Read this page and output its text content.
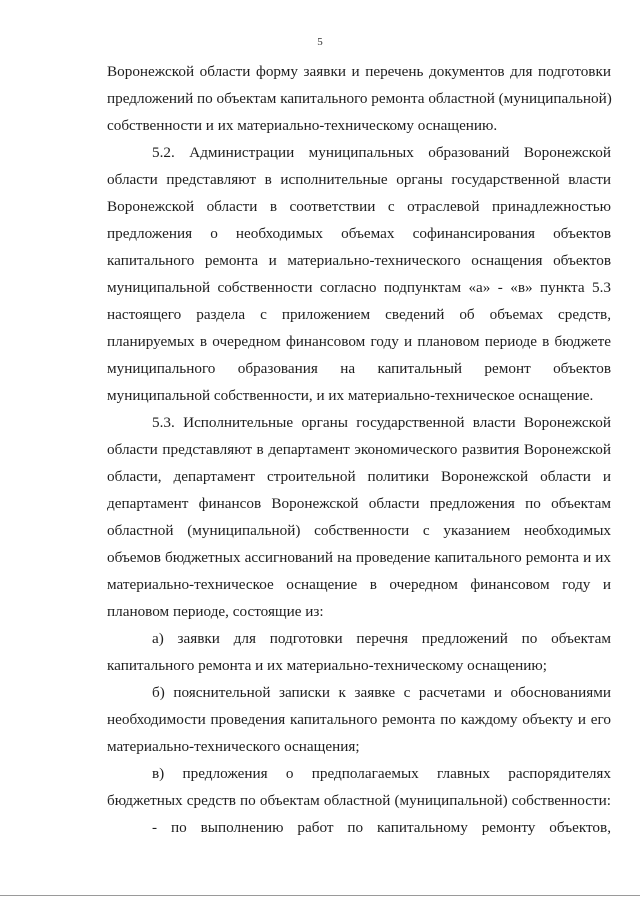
5
Воронежской области форму заявки и перечень документов для подготовки
предложений по объектам капитального ремонта областной (муниципальной)
собственности и их материально-техническому оснащению.
5.2. Администрации муниципальных образований Воронежской
области представляют в исполнительные органы государственной власти
Воронежской области в соответствии с отраслевой принадлежностью
предложения о необходимых объемах софинансирования объектов
капитального ремонта и материально-технического оснащения объектов
муниципальной собственности согласно подпунктам «а» - «в» пункта 5.3
настоящего раздела с приложением сведений об объемах средств,
планируемых в очередном финансовом году и плановом периоде в бюджете
муниципального образования на капитальный ремонт объектов
муниципальной собственности, и их материально-техническое оснащение.
5.3. Исполнительные органы государственной власти Воронежской
области представляют в департамент экономического развития Воронежской
области, департамент строительной политики Воронежской области и
департамент финансов Воронежской области предложения по объектам
областной (муниципальной) собственности с указанием необходимых
объемов бюджетных ассигнований на проведение капитального ремонта и их
материально-техническое оснащение в очередном финансовом году и
плановом периоде, состоящие из:
а) заявки для подготовки перечня предложений по объектам
капитального ремонта и их материально-техническому оснащению;
б) пояснительной записки к заявке с расчетами и обоснованиями
необходимости проведения капитального ремонта по каждому объекту и его
материально-технического оснащения;
в) предложения о предполагаемых главных распорядителях
бюджетных средств по объектам областной (муниципальной) собственности:
- по выполнению работ по капитальному ремонту объектов,
